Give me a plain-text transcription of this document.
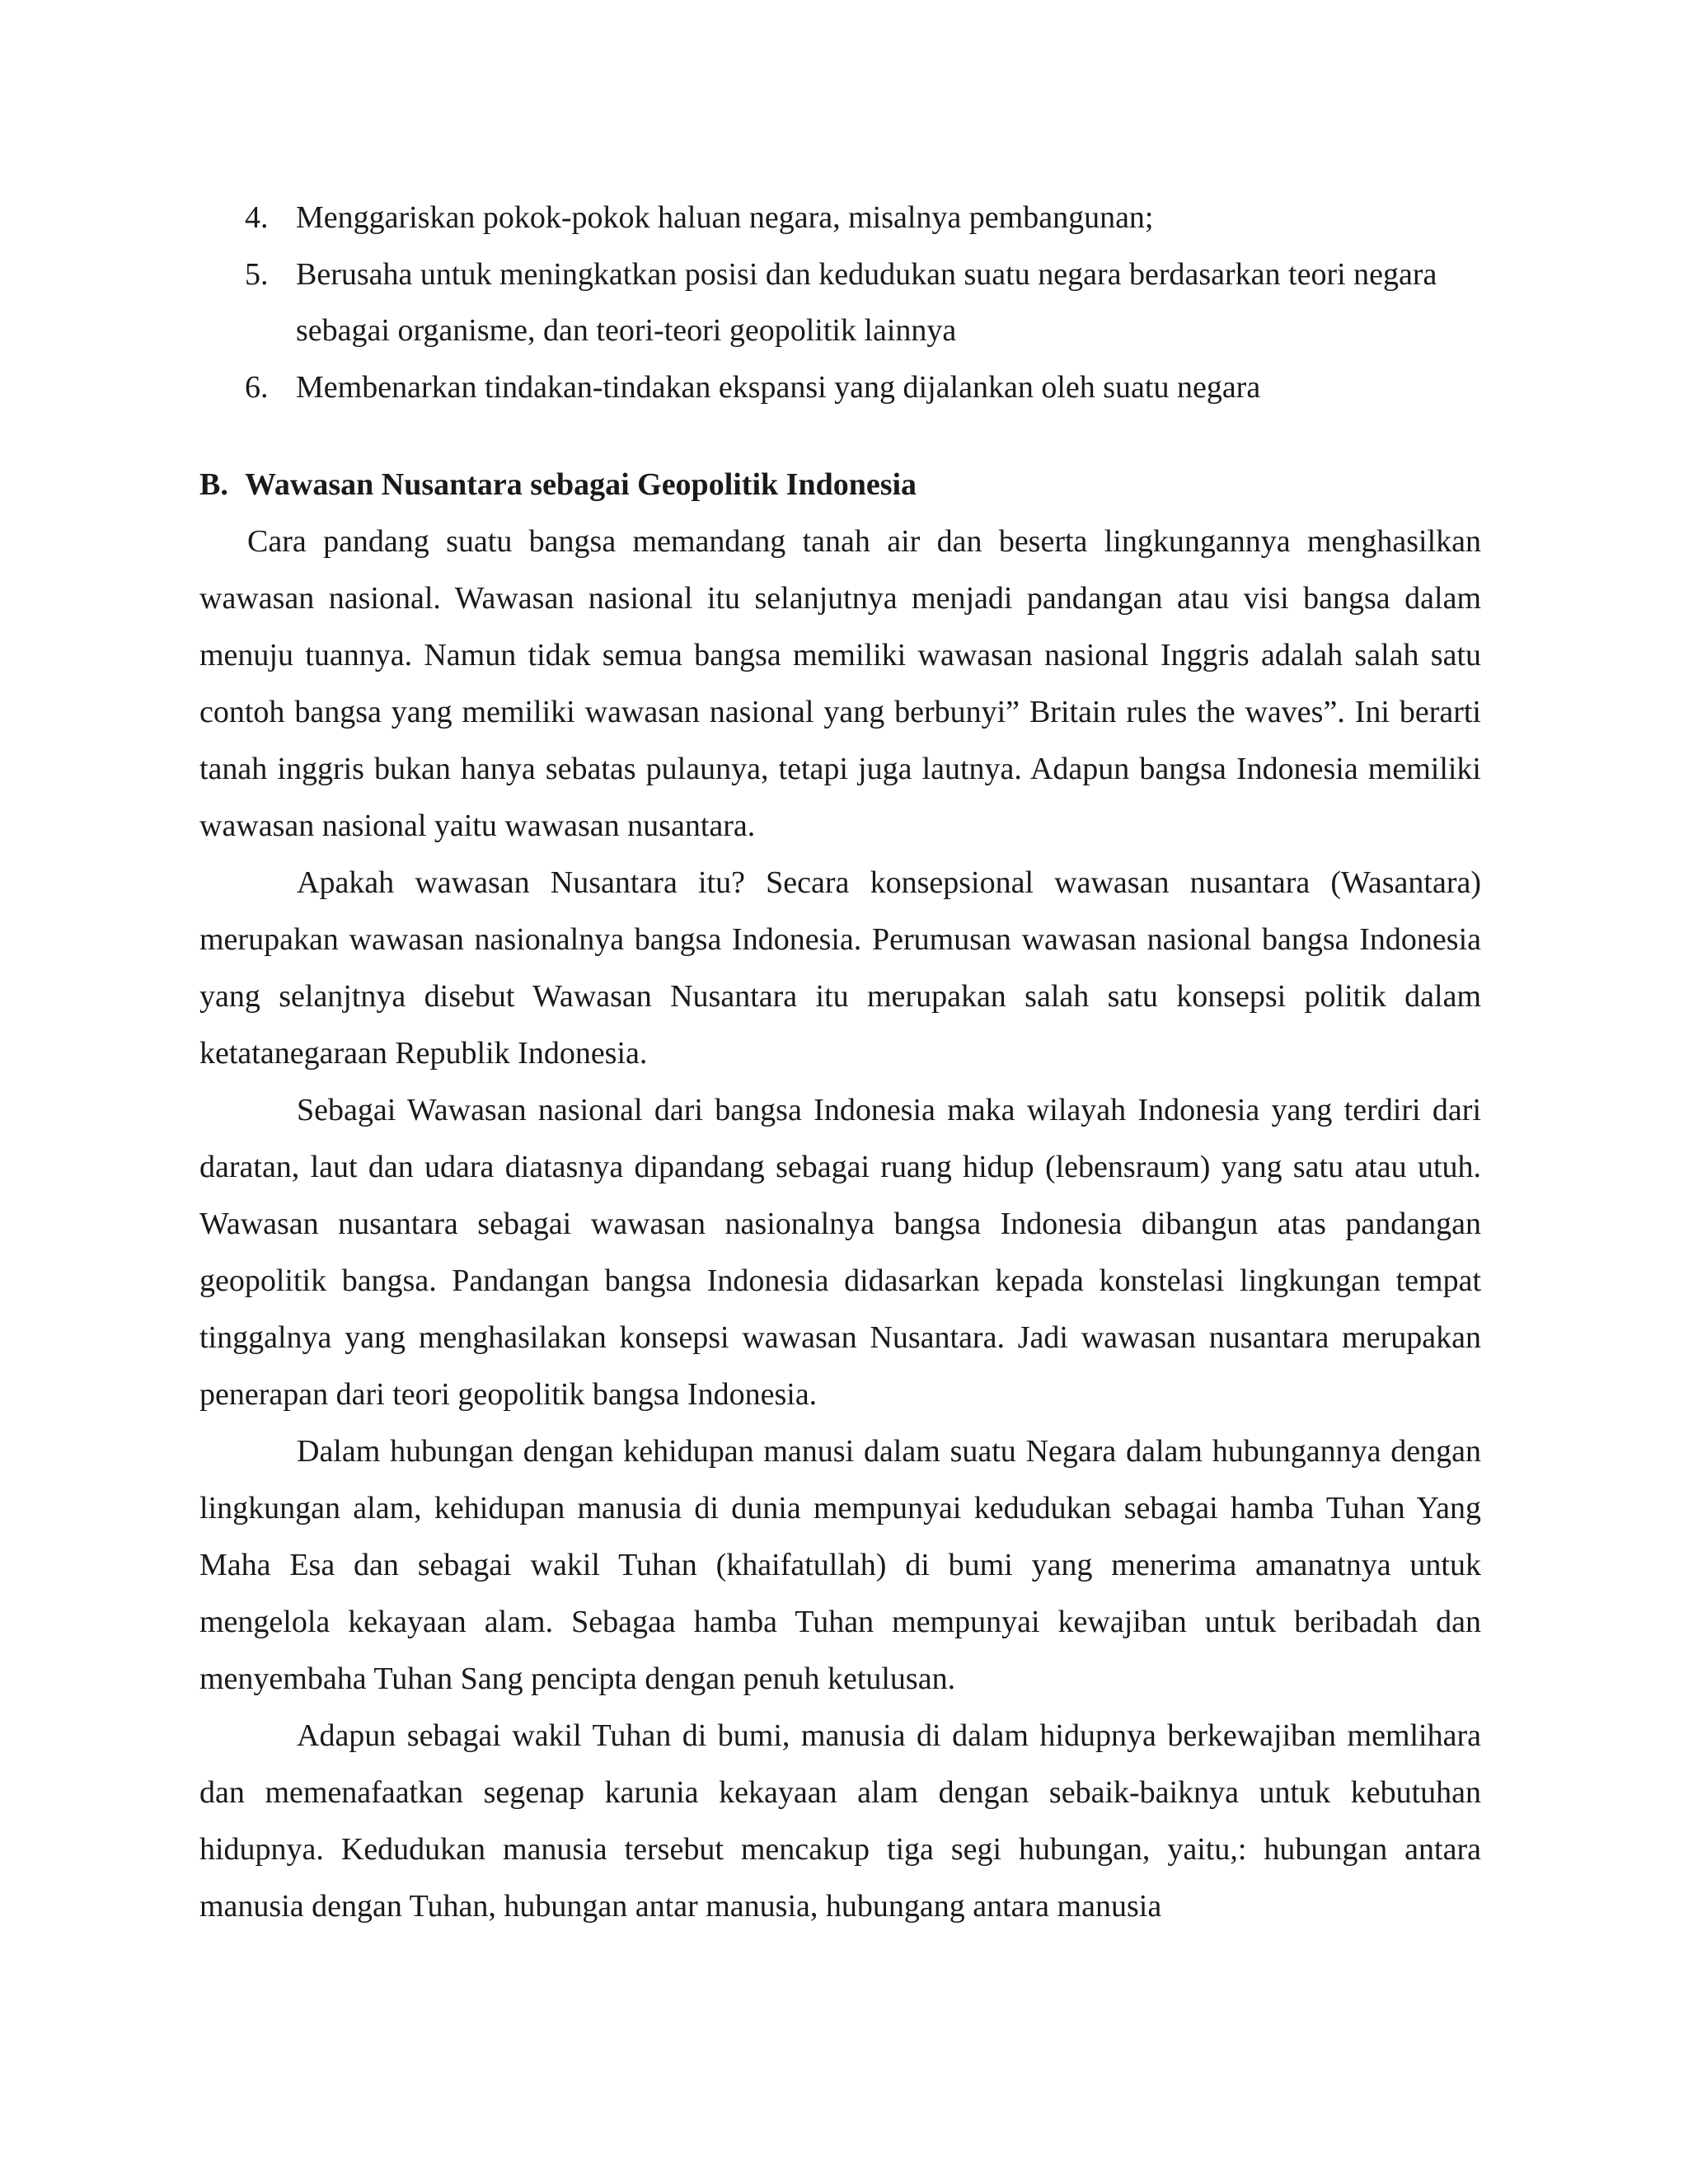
4. Menggariskan pokok-pokok haluan negara, misalnya pembangunan;
5. Berusaha untuk meningkatkan posisi dan kedudukan suatu negara berdasarkan teori negara sebagai organisme, dan teori-teori geopolitik lainnya
6. Membenarkan tindakan-tindakan ekspansi yang dijalankan oleh suatu negara
B. Wawasan Nusantara sebagai Geopolitik Indonesia

Cara pandang suatu bangsa memandang tanah air dan beserta lingkungannya menghasilkan wawasan nasional. Wawasan nasional itu selanjutnya menjadi pandangan atau visi bangsa dalam menuju tuannya. Namun tidak semua bangsa memiliki wawasan nasional Inggris adalah salah satu contoh bangsa yang memiliki wawasan nasional yang berbunyi” Britain rules the waves”. Ini berarti tanah inggris bukan hanya sebatas pulaunya, tetapi juga lautnya. Adapun bangsa Indonesia memiliki wawasan nasional yaitu wawasan nusantara.

Apakah wawasan Nusantara itu? Secara konsepsional wawasan nusantara (Wasantara) merupakan wawasan nasionalnya bangsa Indonesia. Perumusan wawasan nasional bangsa Indonesia yang selanjtnya disebut Wawasan Nusantara itu merupakan salah satu konsepsi politik dalam ketatanegaraan Republik Indonesia.

Sebagai Wawasan nasional dari bangsa Indonesia maka wilayah Indonesia yang terdiri dari daratan, laut dan udara diatasnya dipandang sebagai ruang hidup (lebensraum) yang satu atau utuh. Wawasan nusantara sebagai wawasan nasionalnya bangsa Indonesia dibangun atas pandangan geopolitik bangsa. Pandangan bangsa Indonesia didasarkan kepada konstelasi lingkungan tempat tinggalnya yang menghasilakan konsepsi wawasan Nusantara. Jadi wawasan nusantara merupakan penerapan dari teori geopolitik bangsa Indonesia.

Dalam hubungan dengan kehidupan manusi dalam suatu Negara dalam hubungannya dengan lingkungan alam, kehidupan manusia di dunia mempunyai kedudukan sebagai hamba Tuhan Yang Maha Esa dan sebagai wakil Tuhan (khaifatullah) di bumi yang menerima amanatnya untuk mengelola kekayaan alam. Sebagaa hamba Tuhan mempunyai kewajiban untuk beribadah dan menyembaha Tuhan Sang pencipta dengan penuh ketulusan.

Adapun sebagai wakil Tuhan di bumi, manusia di dalam hidupnya berkewajiban memlihara dan memenafaatkan segenap karunia kekayaan alam dengan sebaik-baiknya untuk kebutuhan hidupnya. Kedudukan manusia tersebut mencakup tiga segi hubungan, yaitu,: hubungan antara manusia dengan Tuhan, hubungan antar manusia, hubungang antara manusia
